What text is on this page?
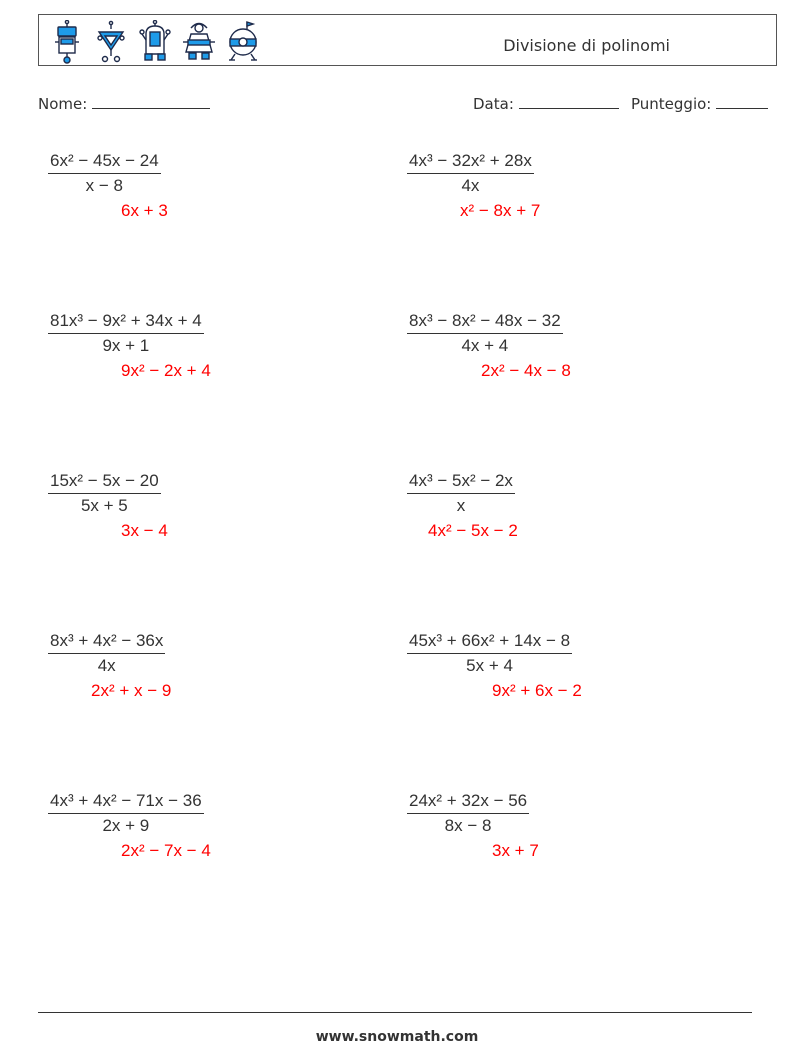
Divisione di polinomi
Nome:	Data:	Punteggio:
$\frac{\text{6x² − 45x − 24}}{x - 8}$
6x + 3
$\frac{\text{4x³ − 32x² + 28x}}{4x}$
x² − 8x + 7
$\frac{\text{81x³ − 9x² + 34x + 4}}{9x + 1}$
9x² − 2x + 4
$\frac{\text{8x³ − 8x² − 48x − 32}}{4x + 4}$
2x² − 4x − 8
$\frac{\text{15x² − 5x − 20}}{5x + 5}$
3x − 4
$\frac{\text{4x³ − 5x² − 2x}}{x}$
4x² − 5x − 2
$\frac{\text{8x³ + 4x² − 36x}}{4x}$
2x² + x − 9
$\frac{\text{45x³ + 66x² + 14x − 8}}{5x + 4}$
9x² + 6x − 2
$\frac{\text{4x³ + 4x² − 71x − 36}}{2x + 9}$
2x² − 7x − 4
$\frac{\text{24x² + 32x − 56}}{8x - 8}$
3x + 7
www.snowmath.com
